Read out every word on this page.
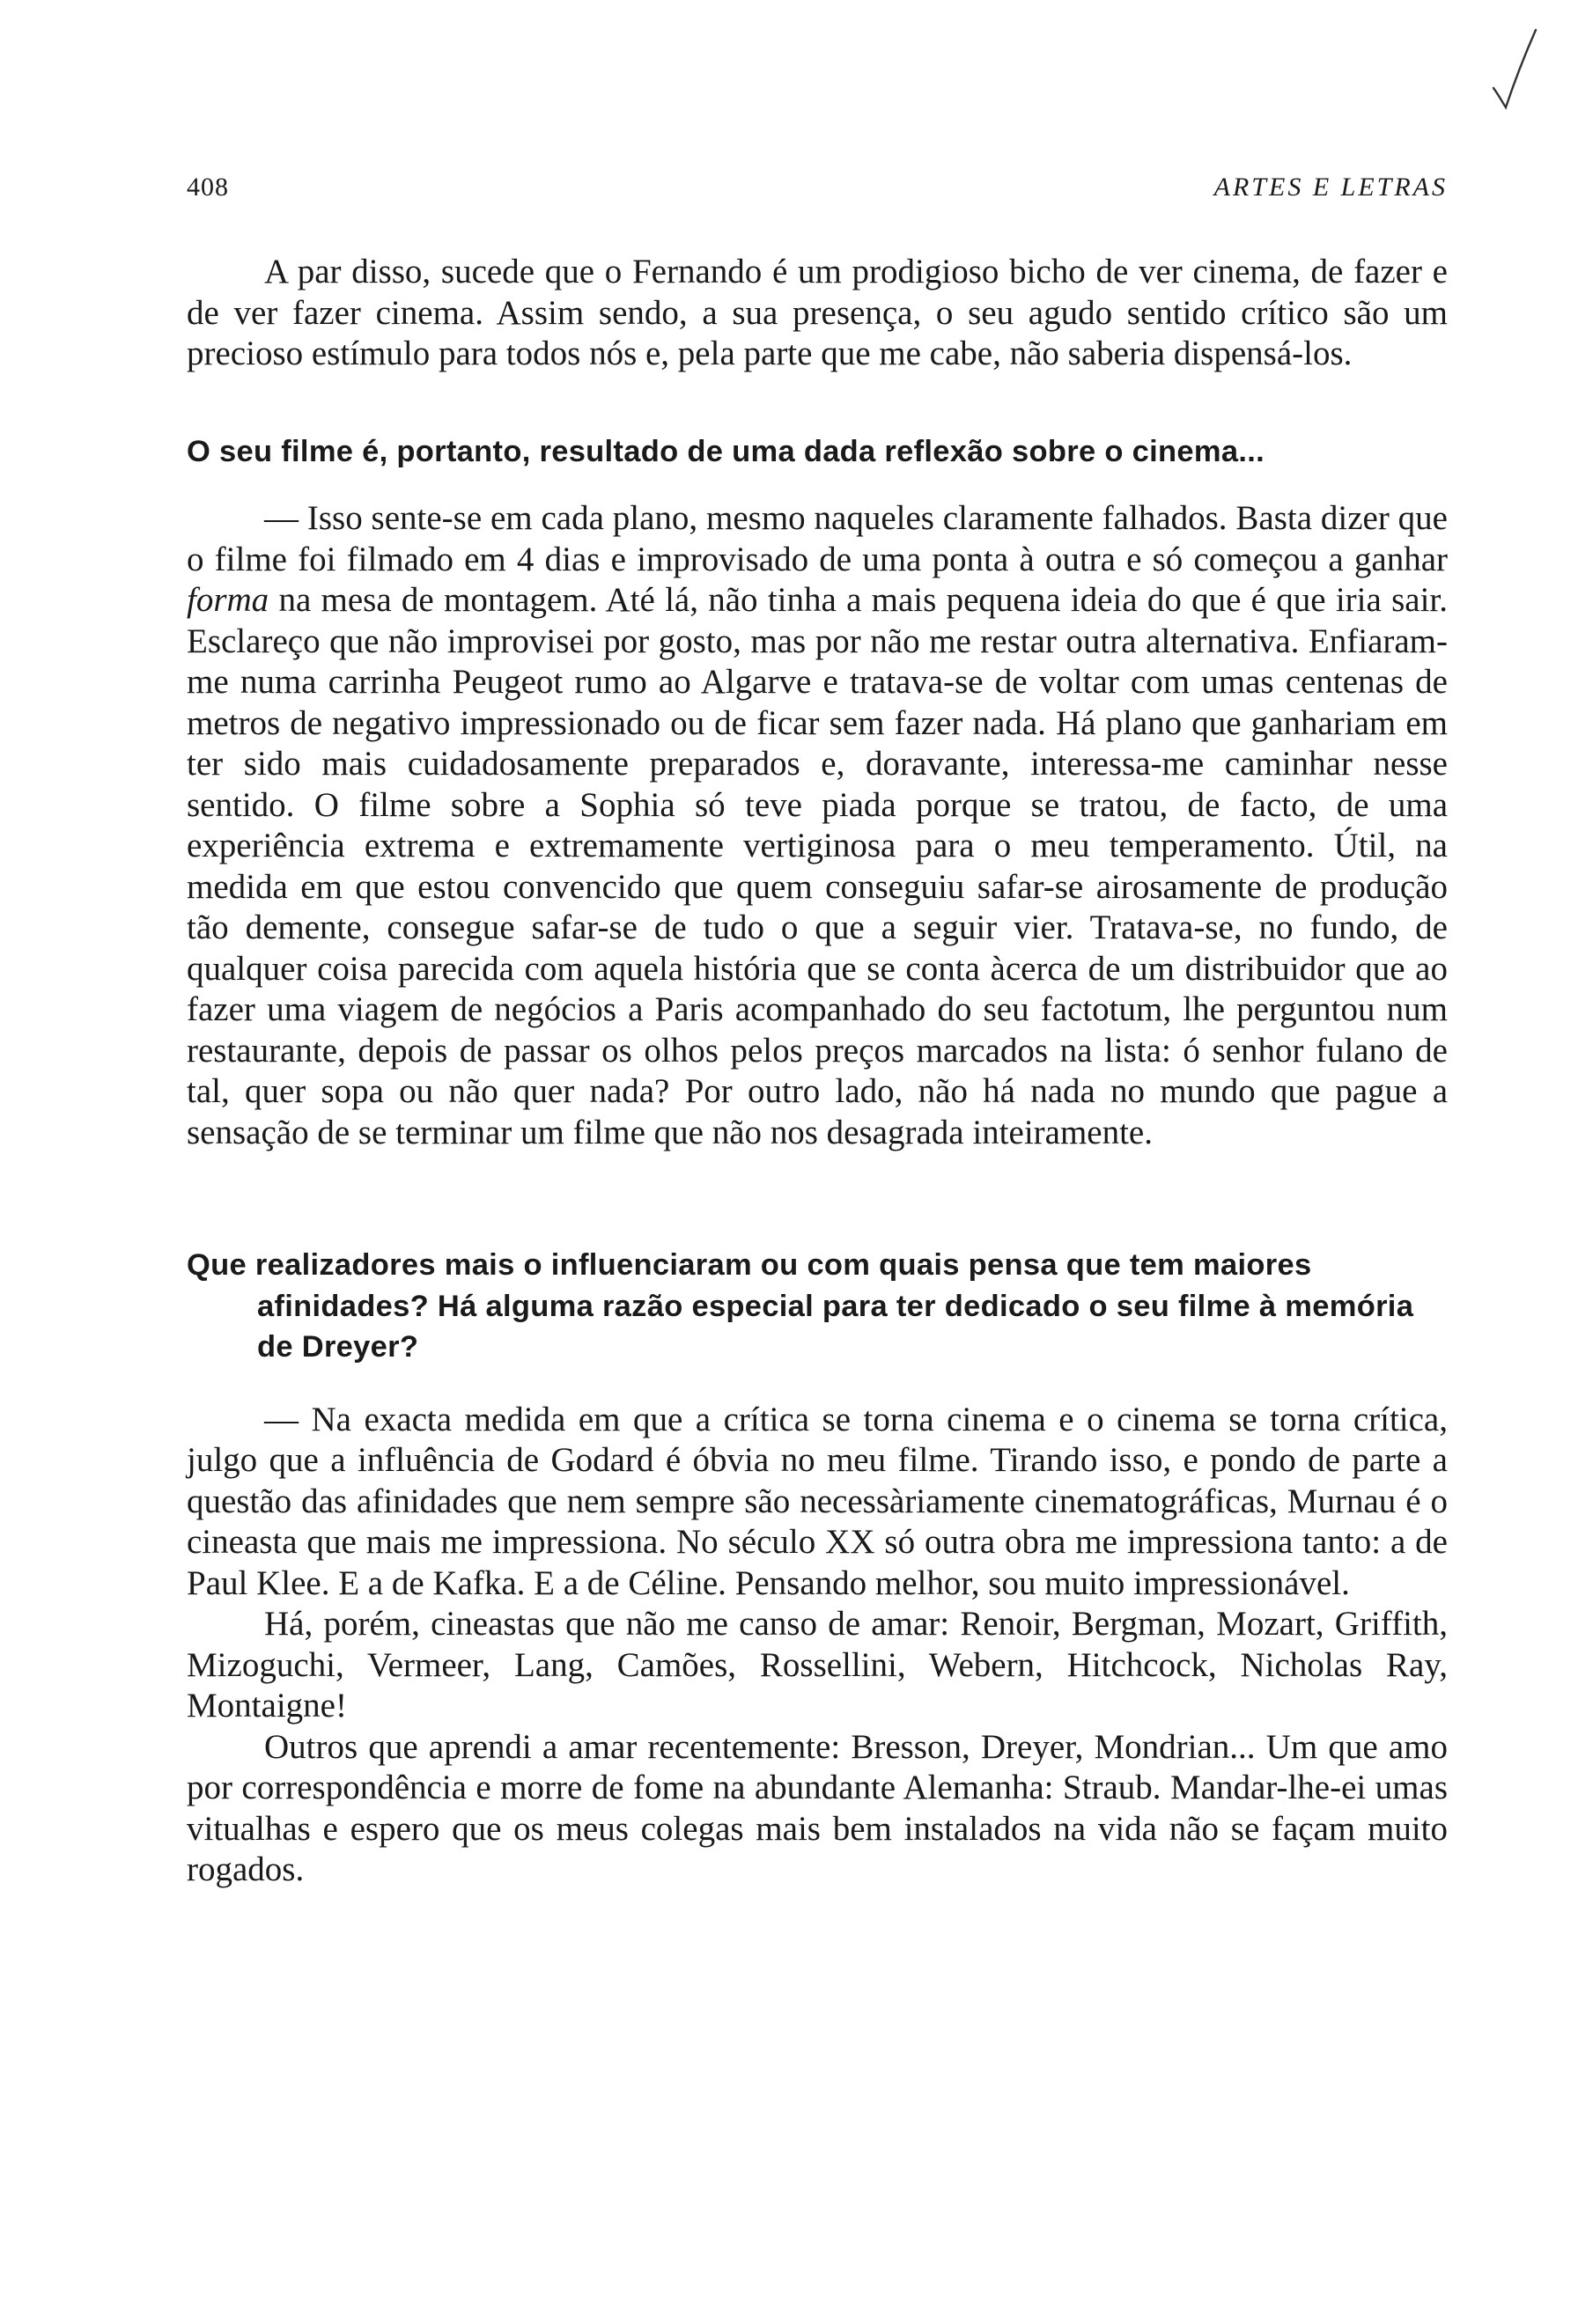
408	ARTES E LETRAS

A par disso, sucede que o Fernando é um prodigioso bicho de ver cinema, de fazer e de ver fazer cinema. Assim sendo, a sua presença, o seu agudo sentido crítico são um precioso estímulo para todos nós e, pela parte que me cabe, não saberia dispensá-los.

O seu filme é, portanto, resultado de uma dada reflexão sobre o cinema...

— Isso sente-se em cada plano, mesmo naqueles claramente falhados. Basta dizer que o filme foi filmado em 4 dias e improvisado de uma ponta à outra e só começou a ganhar forma na mesa de montagem. Até lá, não tinha a mais pequena ideia do que é que iria sair. Esclareço que não improvisei por gosto, mas por não me restar outra alternativa. Enfiaram-me numa carrinha Peugeot rumo ao Algarve e tratava-se de voltar com umas centenas de metros de negativo impressionado ou de ficar sem fazer nada. Há plano que ganhariam em ter sido mais cuidadosamente preparados e, doravante, interessa-me caminhar nesse sentido. O filme sobre a Sophia só teve piada porque se tratou, de facto, de uma experiência extrema e extremamente vertiginosa para o meu temperamento. Útil, na medida em que estou convencido que quem conseguiu safar-se airosamente de produção tão demente, consegue safar-se de tudo o que a seguir vier. Tratava-se, no fundo, de qualquer coisa parecida com aquela história que se conta àcerca de um distribuidor que ao fazer uma viagem de negócios a Paris acompanhado do seu factotum, lhe perguntou num restaurante, depois de passar os olhos pelos preços marcados na lista: ó senhor fulano de tal, quer sopa ou não quer nada? Por outro lado, não há nada no mundo que pague a sensação de se terminar um filme que não nos desagrada inteiramente.

Que realizadores mais o influenciaram ou com quais pensa que tem maiores afinidades? Há alguma razão especial para ter dedicado o seu filme à memória de Dreyer?

— Na exacta medida em que a crítica se torna cinema e o cinema se torna crítica, julgo que a influência de Godard é óbvia no meu filme. Tirando isso, e pondo de parte a questão das afinidades que nem sempre são necessàriamente cinematográficas, Murnau é o cineasta que mais me impressiona. No século XX só outra obra me impressiona tanto: a de Paul Klee. E a de Kafka. E a de Céline. Pensando melhor, sou muito impressionável.

Há, porém, cineastas que não me canso de amar: Renoir, Bergman, Mozart, Griffith, Mizoguchi, Vermeer, Lang, Camões, Rossellini, Webern, Hitchcock, Nicholas Ray, Montaigne!

Outros que aprendi a amar recentemente: Bresson, Dreyer, Mondrian... Um que amo por correspondência e morre de fome na abundante Alemanha: Straub. Mandar-lhe-ei umas vitualhas e espero que os meus colegas mais bem instalados na vida não se façam muito rogados.
